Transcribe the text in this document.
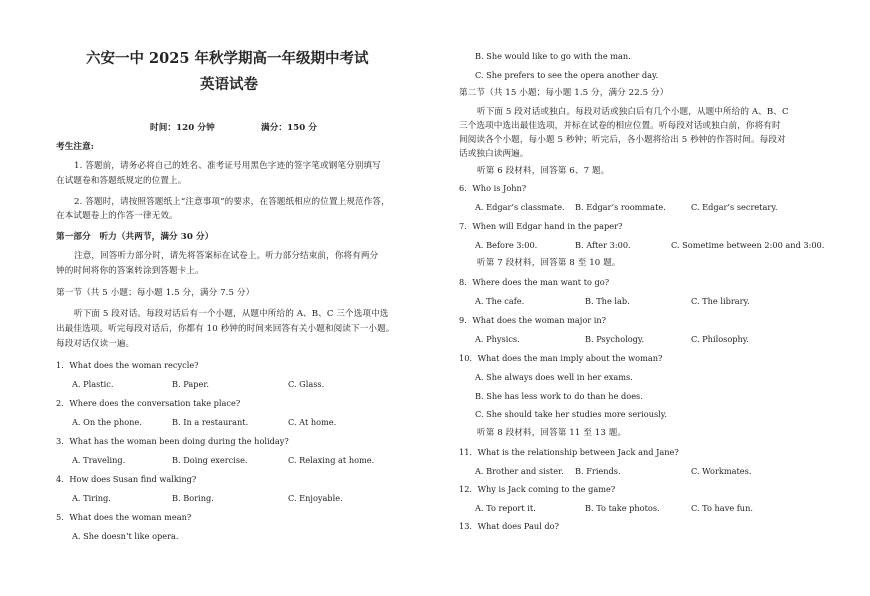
六安一中 2025 年秋学期高一年级期中考试
英语试卷
时间：120 分钟	满分：150 分
考生注意:
1. 答题前，请务必将自己的姓名、准考证号用黑色字迹的签字笔或钢笔分别填写
在试题卷和答题纸规定的位置上。
2. 答题时，请按照答题纸上“注意事项”的要求，在答题纸相应的位置上规范作答，
在本试题卷上的作答一律无效。
第一部分　听力（共两节，满分 30 分）
注意，回答听力部分时，请先将答案标在试卷上。听力部分结束前，你将有两分
钟的时间将你的答案转涂到答题卡上。
第一节（共 5 小题；每小题 1.5 分，满分 7.5 分）
听下面 5 段对话。每段对话后有一个小题，从题中所给的 A、B、C 三个选项中选
出最佳选项。听完每段对话后，你都有 10 秒钟的时间来回答有关小题和阅读下一小题。
每段对话仅读一遍。
1．What does the woman recycle?
A. Plastic.	B. Paper.	C. Glass.
2．Where does the conversation take place?
A. On the phone.	B. In a restaurant.	C. At home.
3．What has the woman been doing during the holiday?
A. Traveling.	B. Doing exercise.	C. Relaxing at home.
4．How does Susan find walking?
A. Tiring.	B. Boring.	C. Enjoyable.
5．What does the woman mean?
A. She doesn’t like opera.
B. She would like to go with the man.
C. She prefers to see the opera another day.
第二节（共 15 小题；每小题 1.5 分，满分 22.5 分）
听下面 5 段对话或独白。每段对话或独白后有几个小题，从题中所给的 A、B、C
三个选项中选出最佳选项，并标在试卷的相应位置。听每段对话或独白前，你将有时
间阅读各个小题，每小题 5 秒钟；听完后，各小题将给出 5 秒钟的作答时间。每段对
话或独白读两遍。
听第 6 段材料，回答第 6、7 题。
6．Who is John?
A. Edgar’s classmate. B. Edgar’s roommate.	C. Edgar’s secretary.
7．When will Edgar hand in the paper?
A. Before 3:00.	B. After 3:00.	C. Sometime between 2:00 and 3:00.
听第 7 段材料，回答第 8 至 10 题。
8．Where does the man want to go?
A. The cafe.	B. The lab.	C. The library.
9．What does the woman major in?
A. Physics.	B. Psychology.	C. Philosophy.
10．What does the man imply about the woman?
A. She always does well in her exams.
B. She has less work to do than he does.
C. She should take her studies more seriously.
听第 8 段材料，回答第 11 至 13 题。
11．What is the relationship between Jack and Jane?
A. Brother and sister. B. Friends.	C. Workmates.
12．Why is Jack coming to the game?
A. To report it.	B. To take photos.	C. To have fun.
13．What does Paul do?
